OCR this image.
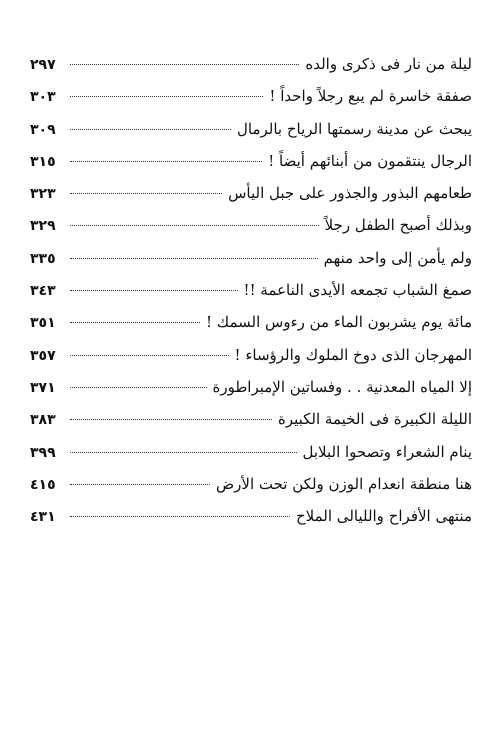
ليلة من نار فى ذكرى والده
٢٩٧
صفقة خاسرة لم يبع رجلاً واحداً !
٣٠٣
يبحث عن مدينة رسمتها الرياح بالرمال
٣٠٩
الرجال ينتقمون من أبنائهم أيضاً !
٣١٥
طعامهم البذور والجذور على جبل اليأس
٣٢٣
وبذلك أصبح الطفل رجلاً
٣٢٩
ولم يأمن إلى واحد منهم
٣٣٥
صمغ الشباب تجمعه الأيدى الناعمة !!
٣٤٣
مائة يوم يشربون الماء من رءوس السمك !
٣٥١
المهرجان الذى دوخ الملوك والرؤساء !
٣٥٧
إلا المياه المعدنية . . وفساتين الإمبراطورة
٣٧١
الليلة الكبيرة فى الخيمة الكبيرة
٣٨٣
ينام الشعراء وتصحوا البلابل
٣٩٩
هنا منطقة انعدام الوزن ولكن تحت الأرض
٤١٥
منتهى الأفراح والليالى الملاح
٤٣١
